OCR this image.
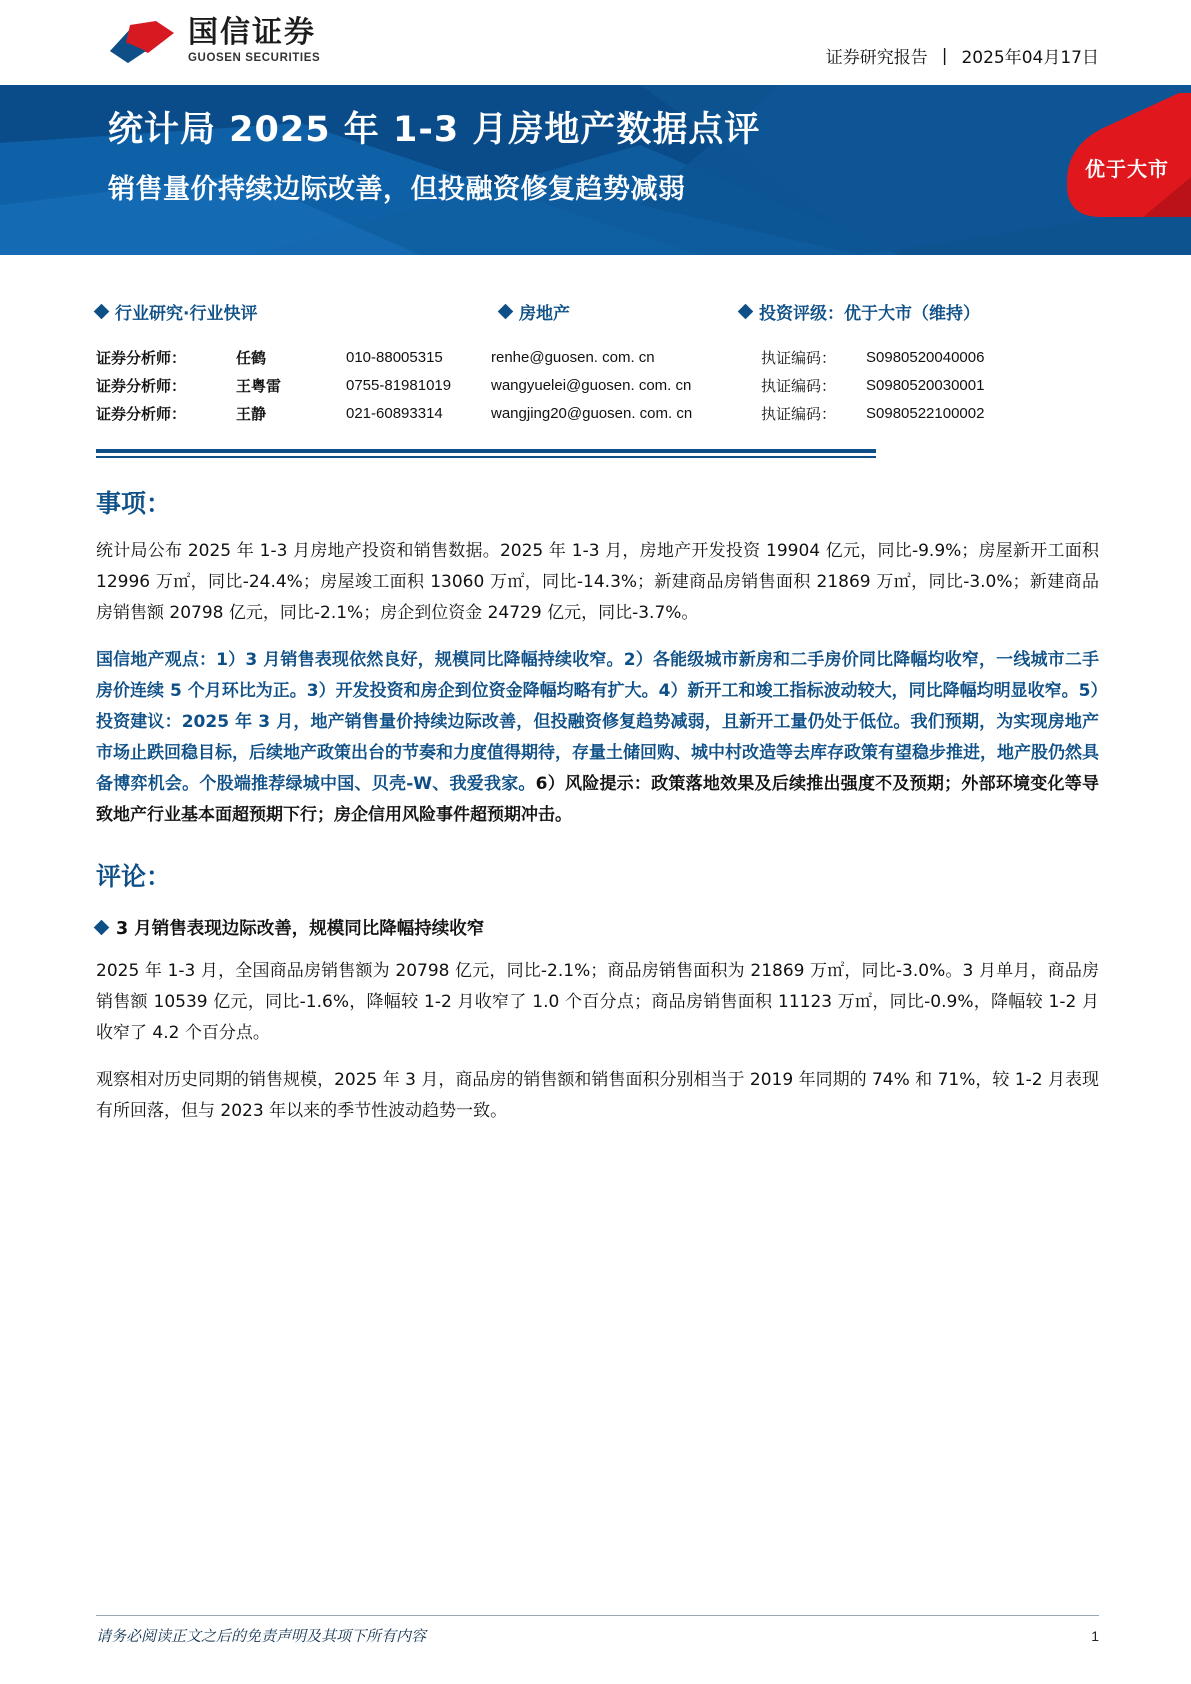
国信证券
GUOSEN SECURITIES	证券研究报告 | 2025年04月17日
统计局 2025 年 1-3 月房地产数据点评
销售量价持续边际改善，但投融资修复趋势减弱
优于大市
行业研究·行业快评	房地产	投资评级：优于大市（维持）
证券分析师：	任鹤	010-88005315	renhe@guosen. com. cn	执证编码：	S0980520040006
证券分析师：	王粤雷	0755-81981019	wangyuelei@guosen. com. cn	执证编码：	S0980520030001
证券分析师：	王静	021-60893314	wangjing20@guosen. com. cn	执证编码：	S0980522100002
事项：
统计局公布 2025 年 1-3 月房地产投资和销售数据。2025 年 1-3 月，房地产开发投资 19904 亿元，同比-9.9%；房屋新开工面积 12996 万㎡，同比-24.4%；房屋竣工面积 13060 万㎡，同比-14.3%；新建商品房销售面积 21869 万㎡，同比-3.0%；新建商品房销售额 20798 亿元，同比-2.1%；房企到位资金 24729 亿元，同比-3.7%。
国信地产观点：1）3 月销售表现依然良好，规模同比降幅持续收窄。2）各能级城市新房和二手房价同比降幅均收窄，一线城市二手房价连续 5 个月环比为正。3）开发投资和房企到位资金降幅均略有扩大。4）新开工和竣工指标波动较大，同比降幅均明显收窄。5）投资建议：2025 年 3 月，地产销售量价持续边际改善，但投融资修复趋势减弱，且新开工量仍处于低位。我们预期，为实现房地产市场止跌回稳目标，后续地产政策出台的节奏和力度值得期待，存量土储回购、城中村改造等去库存政策有望稳步推进，地产股仍然具备博弈机会。个股端推荐绿城中国、贝壳-W、我爱我家。6）风险提示：政策落地效果及后续推出强度不及预期；外部环境变化等导致地产行业基本面超预期下行；房企信用风险事件超预期冲击。
评论：
3 月销售表现边际改善，规模同比降幅持续收窄
2025 年 1-3 月，全国商品房销售额为 20798 亿元，同比-2.1%；商品房销售面积为 21869 万㎡，同比-3.0%。3 月单月，商品房销售额 10539 亿元，同比-1.6%，降幅较 1-2 月收窄了 1.0 个百分点；商品房销售面积 11123 万㎡，同比-0.9%，降幅较 1-2 月收窄了 4.2 个百分点。
观察相对历史同期的销售规模，2025 年 3 月，商品房的销售额和销售面积分别相当于 2019 年同期的 74% 和 71%，较 1-2 月表现有所回落，但与 2023 年以来的季节性波动趋势一致。
请务必阅读正文之后的免责声明及其项下所有内容	1
